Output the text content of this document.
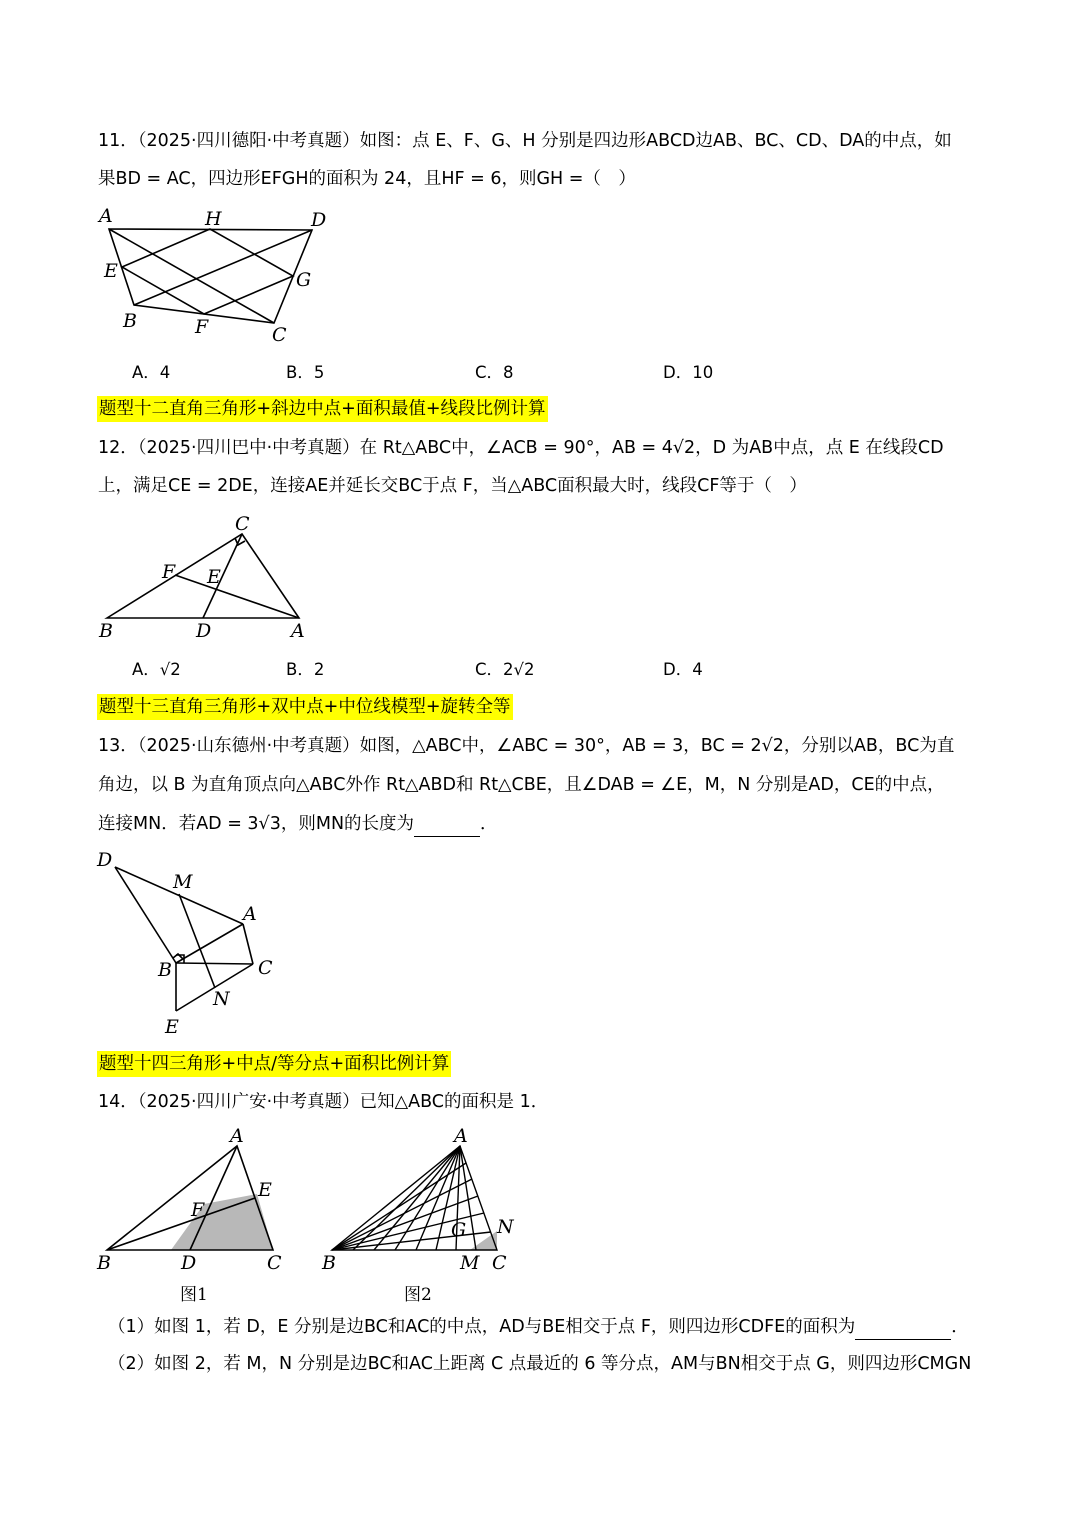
11．（2025·四川德阳·中考真题）如图：点 E、F、G、H 分别是四边形ABCD边AB、BC、CD、DA的中点，如
果BD = AC，四边形EFGH的面积为 24，且HF = 6，则GH =（　）
A	H	D
E	G
B	F	C
A．4	B．5	C．8	D．10
题型十二直角三角形+斜边中点+面积最值+线段比例计算
12．（2025·四川巴中·中考真题）在 Rt△ABC中，∠ACB = 90°，AB = 4√2，D 为AB中点，点 E 在线段CD
上，满足CE = 2DE，连接AE并延长交BC于点 F，当△ABC面积最大时，线段CF等于（　）
C
F E
B	D	A
A．√2	B．2	C．2√2	D．4
题型十三直角三角形+双中点+中位线模型+旋转全等
13．（2025·山东德州·中考真题）如图，△ABC中，∠ABC = 30°，AB = 3，BC = 2√2，分别以AB，BC为直
角边，以 B 为直角顶点向△ABC外作 Rt△ABD和 Rt△CBE，且∠DAB = ∠E，M，N 分别是AD，CE的中点，
连接MN．若AD = 3√3，则MN的长度为	．
D
M
A
B	C
N
E
题型十四三角形+中点/等分点+面积比例计算
14．（2025·四川广安·中考真题）已知△ABC的面积是 1．
A
E
F
B	D	C
图1
A
G N
B	M C
图2
（1）如图 1，若 D，E 分别是边BC和AC的中点，AD与BE相交于点 F，则四边形CDFE的面积为	．
（2）如图 2，若 M，N 分别是边BC和AC上距离 C 点最近的 6 等分点，AM与BN相交于点 G，则四边形CMGN
